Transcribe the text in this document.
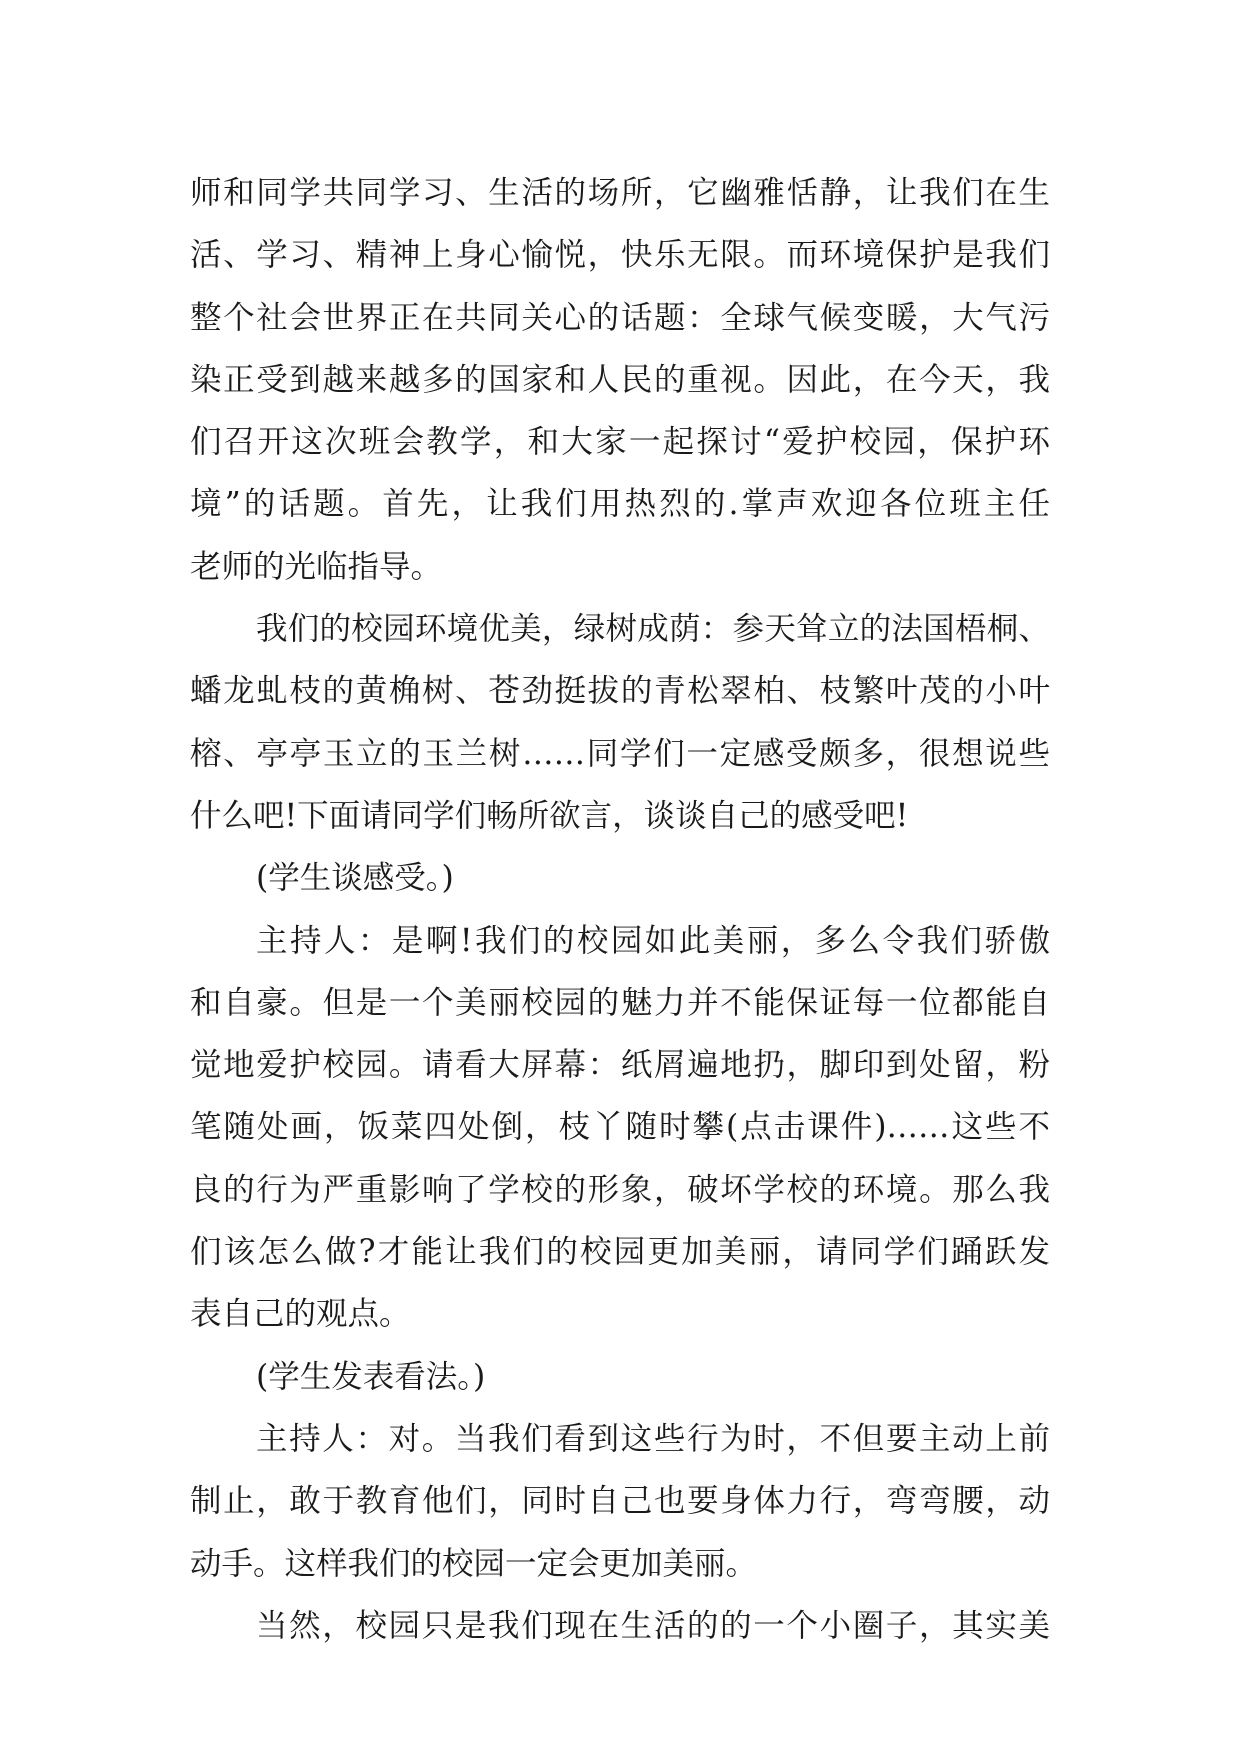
师和同学共同学习、生活的场所，它幽雅恬静，让我们在生
活、学习、精神上身心愉悦，快乐无限。而环境保护是我们
整个社会世界正在共同关心的话题：全球气候变暖，大气污
染正受到越来越多的国家和人民的重视。因此，在今天，我
们召开这次班会教学，和大家一起探讨“爱护校园，保护环
境”的话题。首先，让我们用热烈的.掌声欢迎各位班主任
老师的光临指导。
我们的校园环境优美，绿树成荫：参天耸立的法国梧桐、
蟠龙虬枝的黄桷树、苍劲挺拔的青松翠柏、枝繁叶茂的小叶
榕、亭亭玉立的玉兰树……同学们一定感受颇多，很想说些
什么吧!下面请同学们畅所欲言，谈谈自己的感受吧!
(学生谈感受。)
主持人：是啊!我们的校园如此美丽，多么令我们骄傲
和自豪。但是一个美丽校园的魅力并不能保证每一位都能自
觉地爱护校园。请看大屏幕：纸屑遍地扔，脚印到处留，粉
笔随处画，饭菜四处倒，枝丫随时攀(点击课件)……这些不
良的行为严重影响了学校的形象，破坏学校的环境。那么我
们该怎么做?才能让我们的校园更加美丽，请同学们踊跃发
表自己的观点。
(学生发表看法。)
主持人：对。当我们看到这些行为时，不但要主动上前
制止，敢于教育他们，同时自己也要身体力行，弯弯腰，动
动手。这样我们的校园一定会更加美丽。
当然，校园只是我们现在生活的的一个小圈子，其实美
